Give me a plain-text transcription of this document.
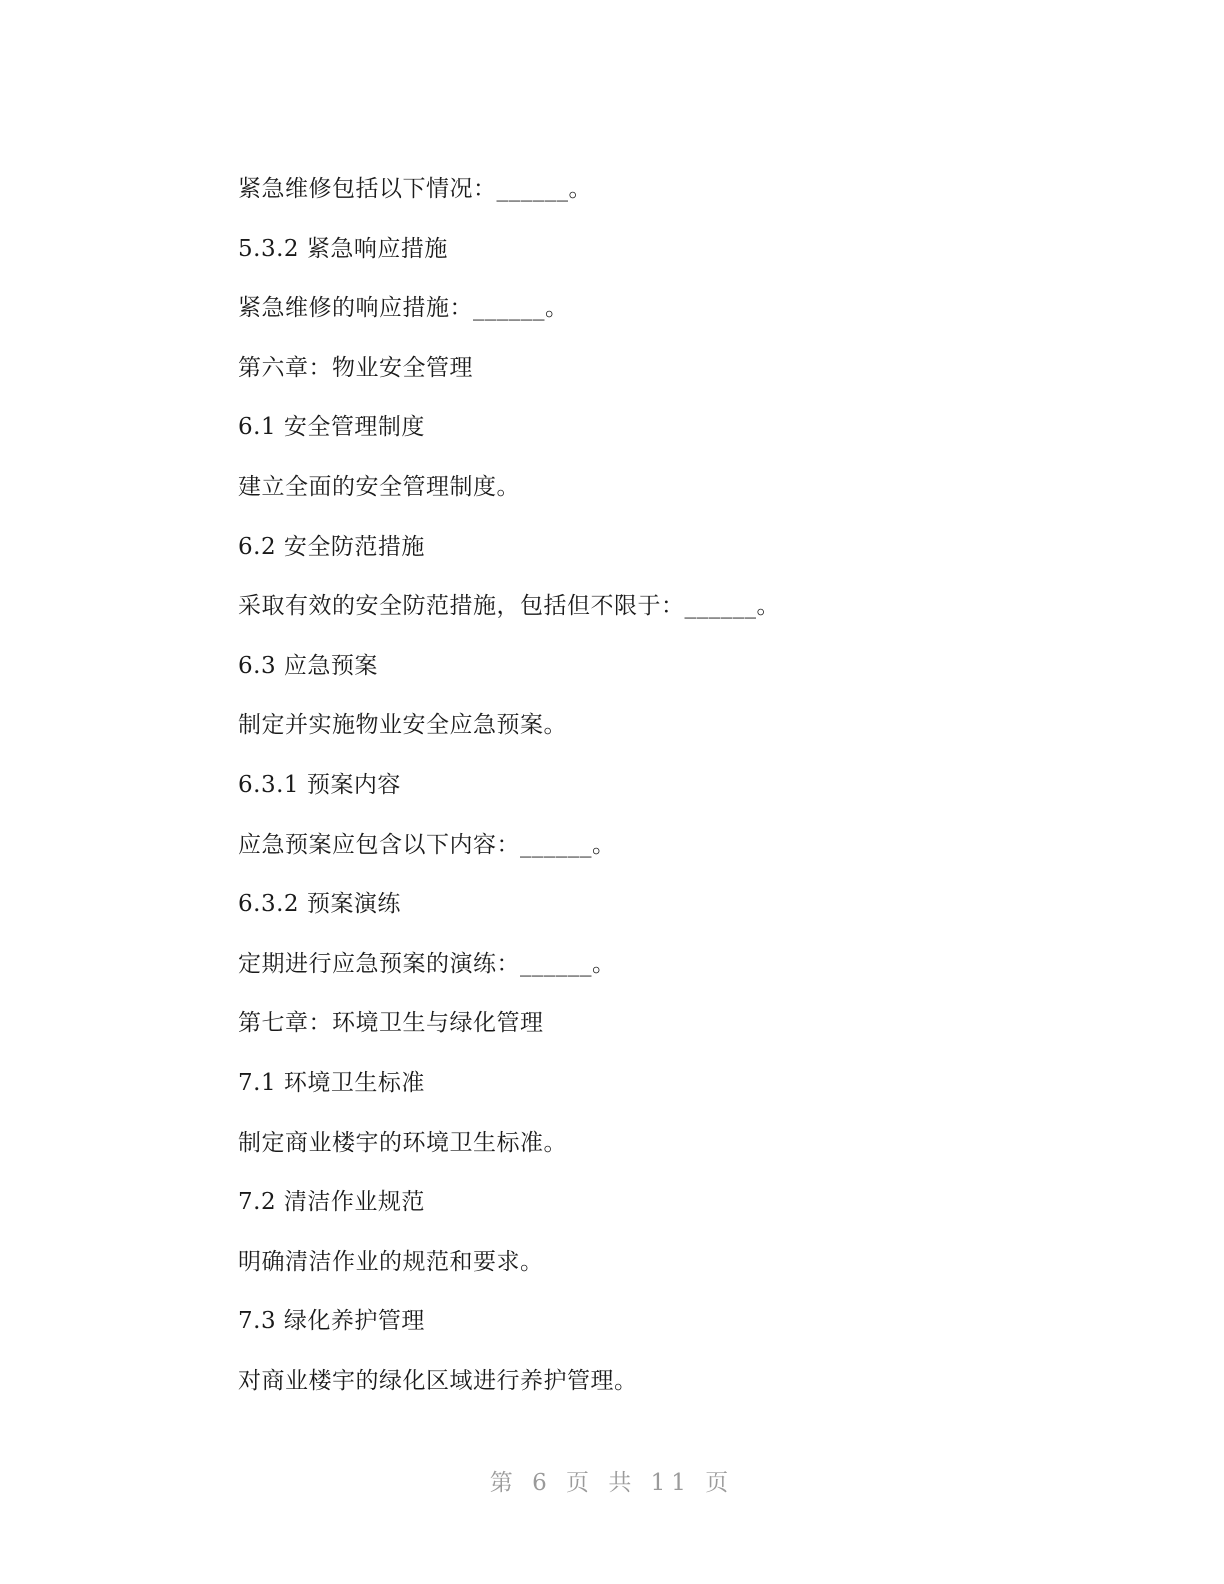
紧急维修包括以下情况：______。
5.3.2 紧急响应措施
紧急维修的响应措施：______。
第六章：物业安全管理
6.1 安全管理制度
建立全面的安全管理制度。
6.2 安全防范措施
采取有效的安全防范措施，包括但不限于：______。
6.3 应急预案
制定并实施物业安全应急预案。
6.3.1 预案内容
应急预案应包含以下内容：______。
6.3.2 预案演练
定期进行应急预案的演练：______。
第七章：环境卫生与绿化管理
7.1 环境卫生标准
制定商业楼宇的环境卫生标准。
7.2 清洁作业规范
明确清洁作业的规范和要求。
7.3 绿化养护管理
对商业楼宇的绿化区域进行养护管理。
第 6 页 共 11 页
